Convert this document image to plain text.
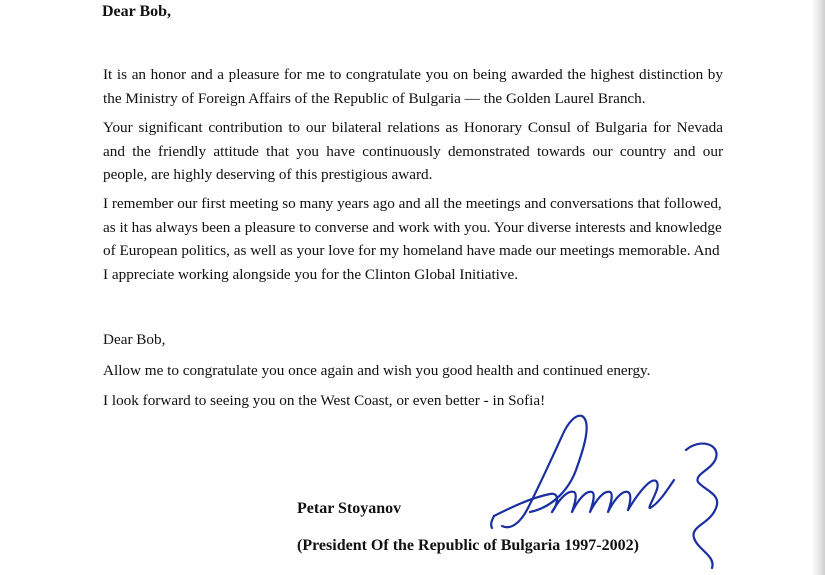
Dear Bob,

It is an honor and a pleasure for me to congratulate you on being awarded the highest distinction by the Ministry of Foreign Affairs of the Republic of Bulgaria — the Golden Laurel Branch.

Your significant contribution to our bilateral relations as Honorary Consul of Bulgaria for Nevada and the friendly attitude that you have continuously demonstrated towards our country and our people, are highly deserving of this prestigious award.

I remember our first meeting so many years ago and all the meetings and conversations that followed, as it has always been a pleasure to converse and work with you. Your diverse interests and knowledge of European politics, as well as your love for my homeland have made our meetings memorable. And I appreciate working alongside you for the Clinton Global Initiative.

Dear Bob,
Allow me to congratulate you once again and wish you good health and continued energy.
I look forward to seeing you on the West Coast, or even better - in Sofia!
Petar Stoyanov
(President Of the Republic of Bulgaria 1997-2002)
